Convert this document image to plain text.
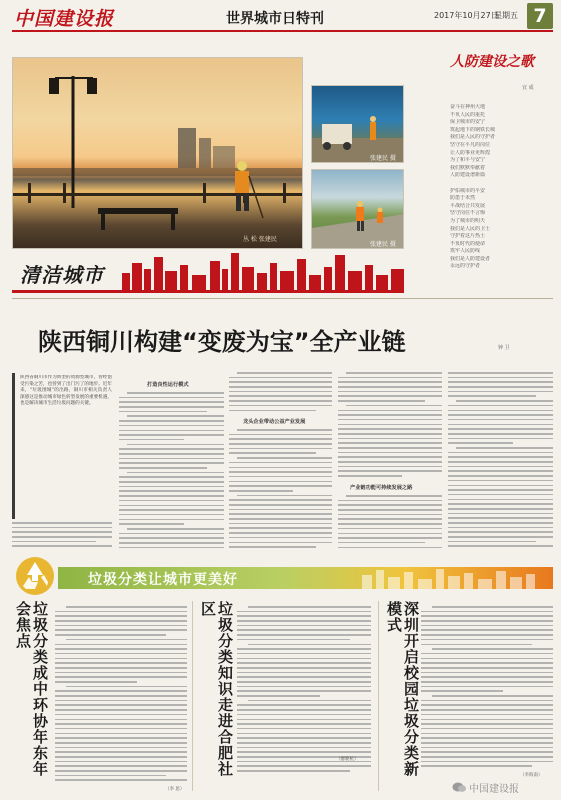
中国建设报	世界城市日特刊	2017年10月27日
星期五 7
丛 松 张建民
张建民 摄
张建民 摄
清洁城市
人防建设之歌
宜 成
奋斗在神州大地
不负人民的重托
保卫城市的安宁
筑起地下的钢铁长城
我们是人民的守护者
坚守在平凡的岗位
让人防事业更辉煌
为了和平与安宁
我们默默奉献着
人防建设谱新篇
护佑城市的平安
防患于未然
平战结合共发展
坚守岗位不言悔
为了城市的明天
我们是人民的卫士
守护着这片热土
不负时代的使命
筑牢人民防线
我们是人防建设者
永远的守护者
陕西铜川构建“变废为宝”全产业链	钟 卫
陕西省铜川市作为典型的资源型城市，曾经饱受污染之苦，也曾到了出门污了的地步。近年来，“垃圾围城”的出路，铜川市相关负责人深感这是推动城市绿色转型发展的重要机遇，也是解决城市生活垃圾问题的关键。
打造良性运行模式
龙头企业带动公益产业发展
产业链功能可持续发展之路
垃圾分类让城市更美好
垃圾分类成中环协年东年会焦点
（李 思）
垃圾分类知识走进合肥社区
（廖鹿杭）	深圳开启校园垃圾分类新模式
（李海南）
中国建设报
